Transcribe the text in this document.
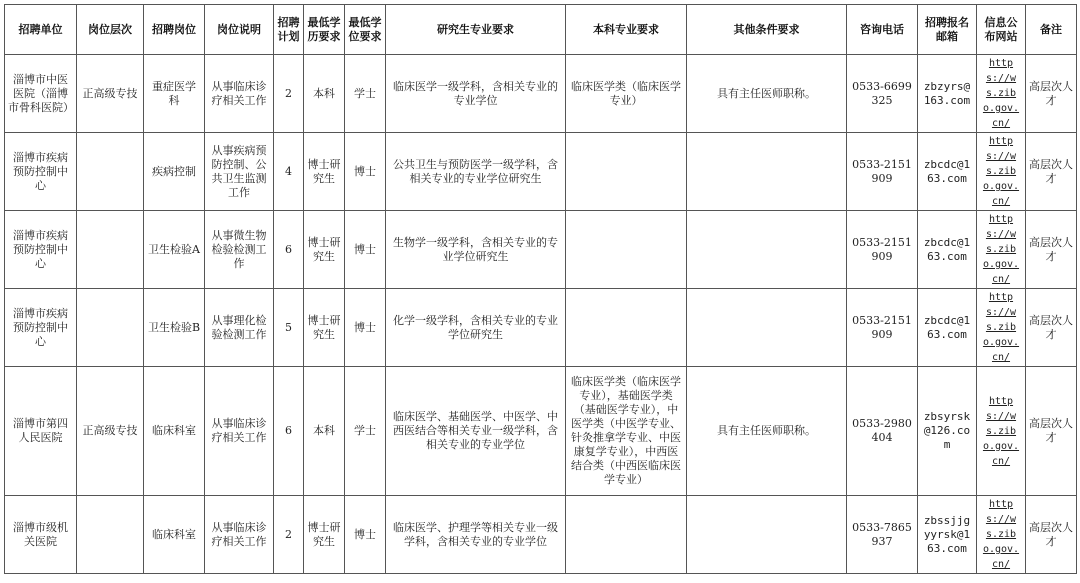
招聘单位	岗位层次	招聘岗位	岗位说明	招聘计划	最低学历要求	最低学位要求	研究生专业要求	本科专业要求	其他条件要求	咨询电话	招聘报名邮箱	信息公布网站	备注
淄博市中医医院（淄博市骨科医院）	正高级专技	重症医学科	从事临床诊疗相关工作	2	本科	学士	临床医学一级学科，含相关专业的专业学位	临床医学类（临床医学专业）	具有主任医师职称。	0533-6699325	zbzyrs@163.com	https://ws.zibo.gov.cn/	高层次人才
淄博市疾病预防控制中心		疾病控制	从事疾病预防控制、公共卫生监测工作	4	博士研究生	博士	公共卫生与预防医学一级学科，含相关专业的专业学位研究生			0533-2151909	zbcdc@163.com	https://ws.zibo.gov.cn/	高层次人才
淄博市疾病预防控制中心		卫生检验A	从事微生物检验检测工作	6	博士研究生	博士	生物学一级学科，含相关专业的专业学位研究生			0533-2151909	zbcdc@163.com	https://ws.zibo.gov.cn/	高层次人才
淄博市疾病预防控制中心		卫生检验B	从事理化检验检测工作	5	博士研究生	博士	化学一级学科，含相关专业的专业学位研究生			0533-2151909	zbcdc@163.com	https://ws.zibo.gov.cn/	高层次人才
淄博市第四人民医院	正高级专技	临床科室	从事临床诊疗相关工作	6	本科	学士	临床医学、基础医学、中医学、中西医结合等相关专业一级学科，含相关专业的专业学位	临床医学类（临床医学专业），基础医学类（基础医学专业），中医学类（中医学专业、针灸推拿学专业、中医康复学专业），中西医结合类（中西医临床医学专业）	具有主任医师职称。	0533-2980404	zbsyrsk@126.com	https://ws.zibo.gov.cn/	高层次人才
淄博市级机关医院		临床科室	从事临床诊疗相关工作	2	博士研究生	博士	临床医学、护理学等相关专业一级学科，含相关专业的专业学位			0533-7865937	zbssjjgyyrsk@163.com	https://ws.zibo.gov.cn/	高层次人才
